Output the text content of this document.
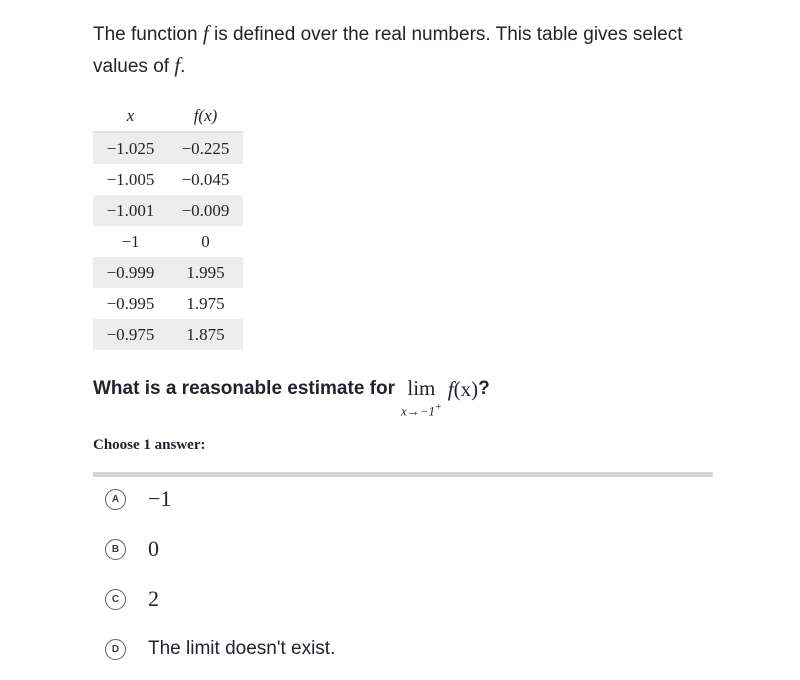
The function f is defined over the real numbers. This table gives select values of f.
x	f(x)
−1.025	−0.225
−1.005	−0.045
−1.001	−0.009
−1	0
−0.999	1.995
−0.995	1.975
−0.975	1.875
What is a reasonable estimate for lim
x→−1+
f(x) ?
Choose 1 answer:
A	−1
B	0
C	2
D	The limit doesn't exist.
